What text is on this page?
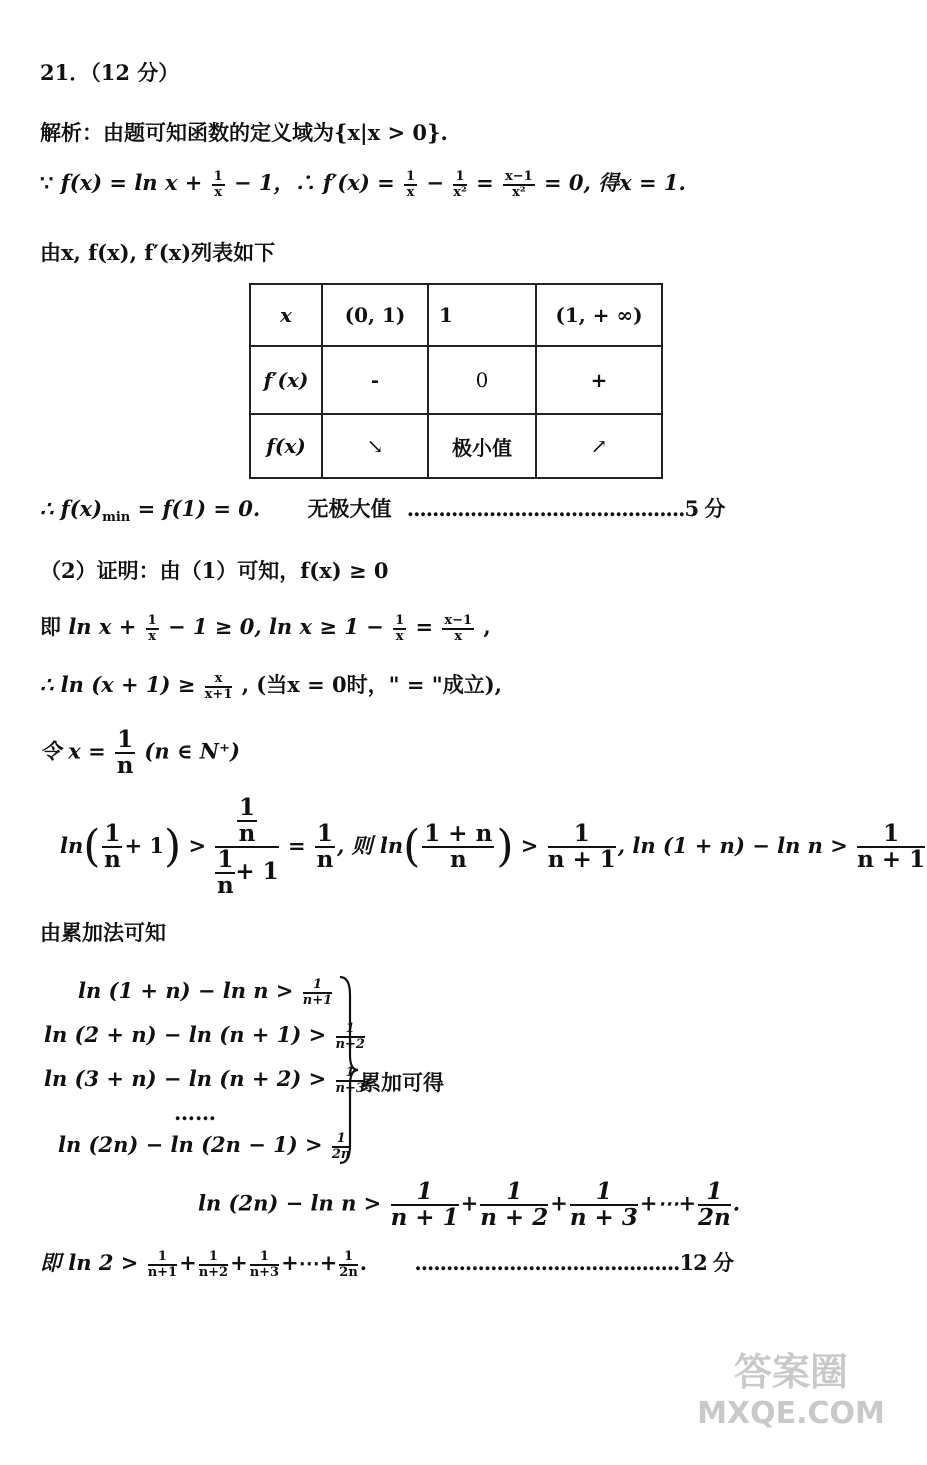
21．（12 分）
解析：由题可知函数的定义域为{x|x > 0}.
∵ $f(x) = \ln x + \frac{1}{x} - 1$，∴ $f'(x) = \frac{1}{x} - \frac{1}{\text{x²}} = \frac{x-1}{\text{x²}} = 0$, 得x = 1.
由x, f(x), f′(x)列表如下
x	(0, 1)	1	(1, + ∞)
f′(x)	-	0	+
f(x)	↘	极小值	↗
∴ $f(x)_{min} = f(1) = 0$. 无极大值 ............................................5 分
（2）证明：由（1）可知，f(x) ≥ 0
即 $\ln x + \frac{1}{x} - 1 \ge 0$, $\ln x \ge 1 - \frac{1}{x} = \frac{x-1}{x}$ ,
∴ $\ln (x + 1) \ge \frac{x}{x+1}$ , (当x = 0时，" = "成立),
令 $x = \frac{1}{n} (n$ ∈ N⁺)
$\ln( \frac{1}{n} + 1) > \frac{\frac{1}{n}}{\frac{1}{n} + 1} = \frac{1}{n}$ , 则 $\ln( \frac{1 + n}{n}$ ) > $\frac{1}{n + 1}$ , $\ln (1 + n) - \ln n > \frac{1}{n + 1}$
由累加法可知
$\ln (1 + n) - \ln n > \frac{1}{n+1}$
$\ln (2 + n) - \ln (n + 1) > \frac{1}{n+2}$
$\ln (3 + n) - \ln (n + 2) > \frac{1}{n+3}$
……
$\ln (2n) - \ln (2n - 1) > \frac{1}{2n}$
累加可得
$\ln (2n) - \ln n > \frac{1}{n + 1} + \frac{1}{n + 2} + \frac{1}{n + 3}$ +⋯+ $\frac{1}{2n}$ .
即 $\ln 2 > \frac{1}{n+1} + \frac{1}{n+2} + \frac{1}{n+3}$ +⋯+ $\frac{1}{2n}$ . ..........................................12 分
答案圈
MXQE.COM
